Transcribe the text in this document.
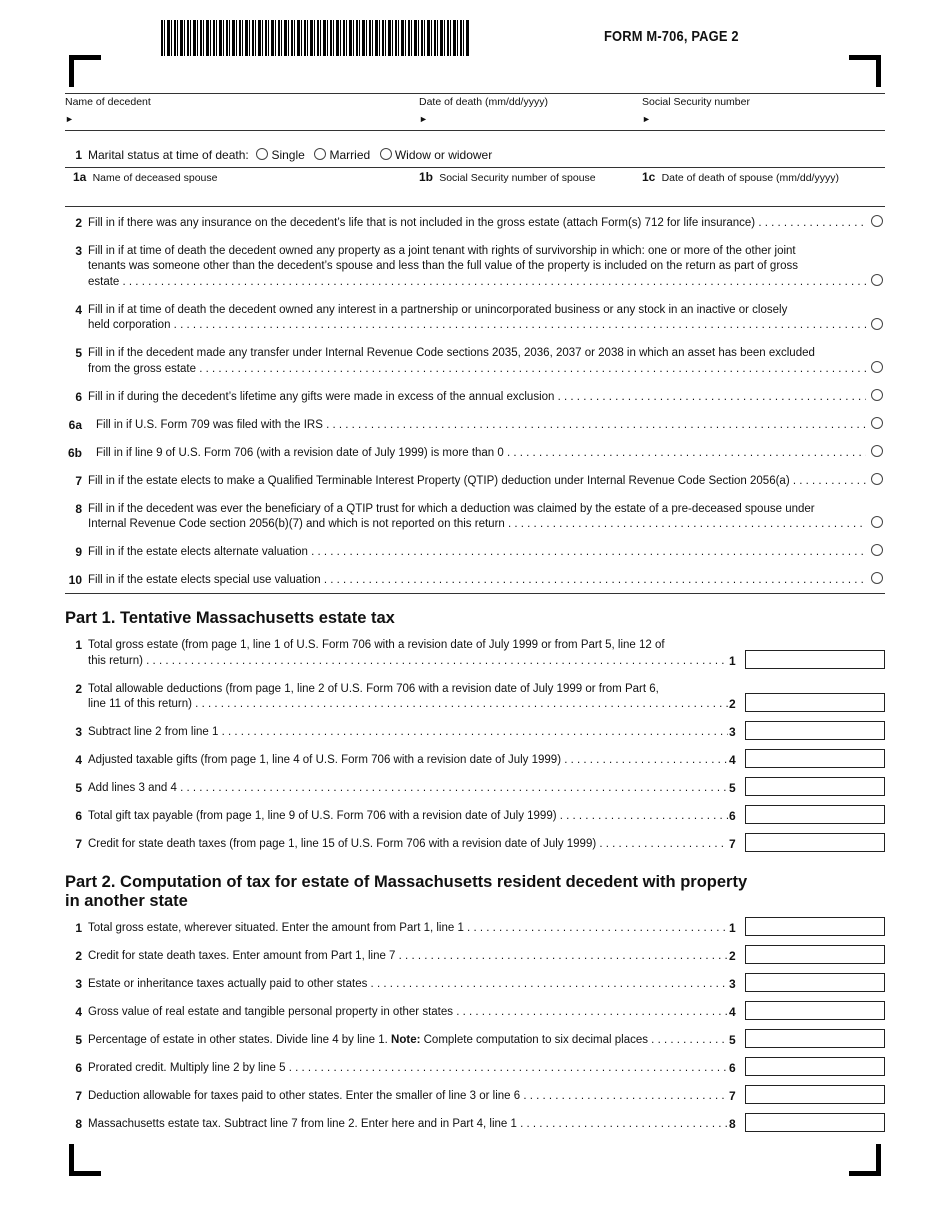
FORM M-706, PAGE 2
Name of decedent	Date of death (mm/dd/yyyy)	Social Security number
►	►	►
1 Marital status at time of death: Single Married Widow or widower
1a Name of deceased spouse	1b Social Security number of spouse	1c Date of death of spouse (mm/dd/yyyy)
2 Fill in if there was any insurance on the decedent’s life that is not included in the gross estate (attach Form(s) 712 for life insurance) . . .
3 Fill in if at time of death the decedent owned any property as a joint tenant with rights of survivorship in which: one or more of the other joint
tenants was someone other than the decedent’s spouse and less than the full value of the property is included on the return as part of gross
estate . . .
4 Fill in if at time of death the decedent owned any interest in a partnership or unincorporated business or any stock in an inactive or closely
held corporation . . .
5 Fill in if the decedent made any transfer under Internal Revenue Code sections 2035, 2036, 2037 or 2038 in which an asset has been excluded
from the gross estate . . .
6 Fill in if during the decedent’s lifetime any gifts were made in excess of the annual exclusion . . .
6a Fill in if U.S. Form 709 was filed with the IRS . . .
6b Fill in if line 9 of U.S. Form 706 (with a revision date of July 1999) is more than 0 . . .
7 Fill in if the estate elects to make a Qualified Terminable Interest Property (QTIP) deduction under Internal Revenue Code Section 2056(a) . . .
8 Fill in if the decedent was ever the beneficiary of a QTIP trust for which a deduction was claimed by the estate of a pre-deceased spouse under
Internal Revenue Code section 2056(b)(7) and which is not reported on this return . . .
9 Fill in if the estate elects alternate valuation . . .
10 Fill in if the estate elects special use valuation . . .
Part 1. Tentative Massachusetts estate tax
1 Total gross estate (from page 1, line 1 of U.S. Form 706 with a revision date of July 1999 or from Part 5, line 12 of
this return) . . .	1
2 Total allowable deductions (from page 1, line 2 of U.S. Form 706 with a revision date of July 1999 or from Part 6,
line 11 of this return) . . .	2
3 Subtract line 2 from line 1 . . .	3
4 Adjusted taxable gifts (from page 1, line 4 of U.S. Form 706 with a revision date of July 1999) . . .	4
5 Add lines 3 and 4 . . .	5
6 Total gift tax payable (from page 1, line 9 of U.S. Form 706 with a revision date of July 1999) . . .	6
7 Credit for state death taxes (from page 1, line 15 of U.S. Form 706 with a revision date of July 1999) . . .	7
Part 2. Computation of tax for estate of Massachusetts resident decedent with property
in another state
1 Total gross estate, wherever situated. Enter the amount from Part 1, line 1 . . .	1
2 Credit for state death taxes. Enter amount from Part 1, line 7 . . .	2
3 Estate or inheritance taxes actually paid to other states . . .	3
4 Gross value of real estate and tangible personal property in other states . . .	4
5 Percentage of estate in other states. Divide line 4 by line 1. Note: Complete computation to six decimal places . . .	5
6 Prorated credit. Multiply line 2 by line 5 . . .	6
7 Deduction allowable for taxes paid to other states. Enter the smaller of line 3 or line 6 . . .	7
8 Massachusetts estate tax. Subtract line 7 from line 2. Enter here and in Part 4, line 1 . . .	8
